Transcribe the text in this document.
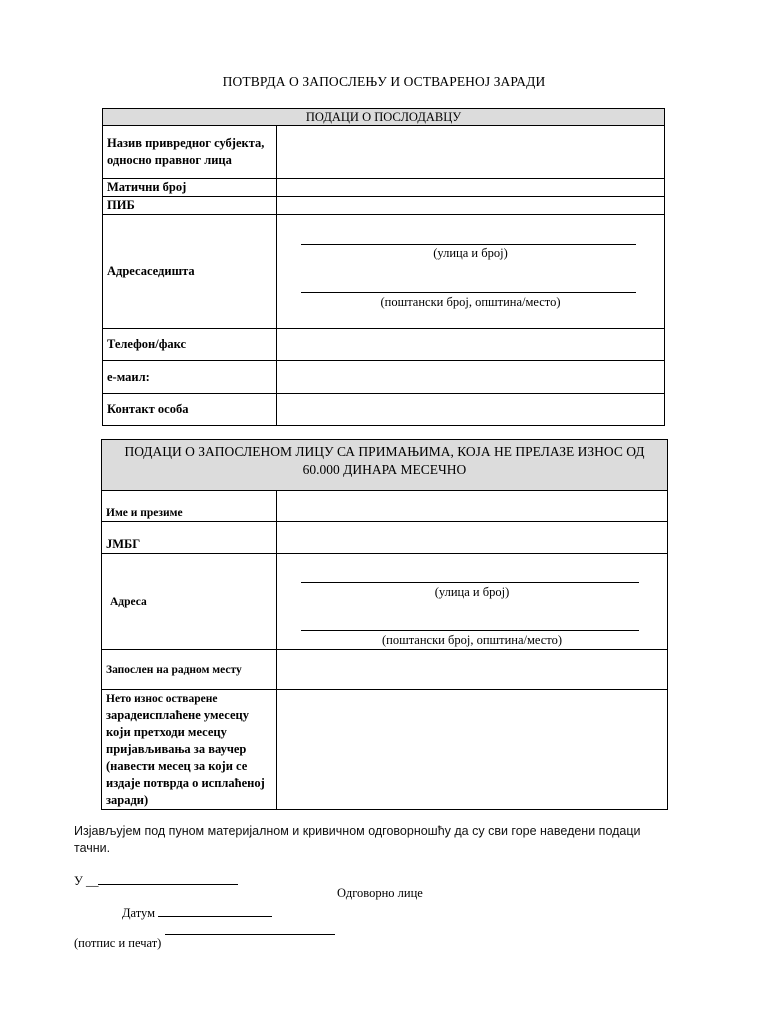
ПОТВРДА О ЗАПОСЛЕЊУ И ОСТВАРЕНОЈ ЗАРАДИ
ПОДАЦИ О ПОСЛОДАВЦУ	
Назив привредног субјекта, односно правног лица	
Матични број	
ПИБ	
Адресаседишта	(улица и број)
(поштански број, општина/место)

Телефон/факс	
е-маил:	
Контакт особа	
ПОДАЦИ О ЗАПОСЛЕНОМ ЛИЦУ СА ПРИМАЊИМА, КОЈА НЕ ПРЕЛАЗЕ ИЗНОС ОД 60.000 ДИНАРА МЕСЕЧНО	
Име и презиме	
ЈМБГ	
Адреса	(улица и број)
(поштански број, општина/место)

Запослен на радном месту	

Нето износ остварене
зарадеисплаћене умесецу који претходи месецу пријављивања за ваучер (навести месец за који се издаје потврда о исплаћеној зарaди)	

Изјављујем под пуном материјалном и кривичном одговорношћу да су сви горе наведени подаци тачни.
У __
Одговорно лице
Датум
(потпис и печат)
